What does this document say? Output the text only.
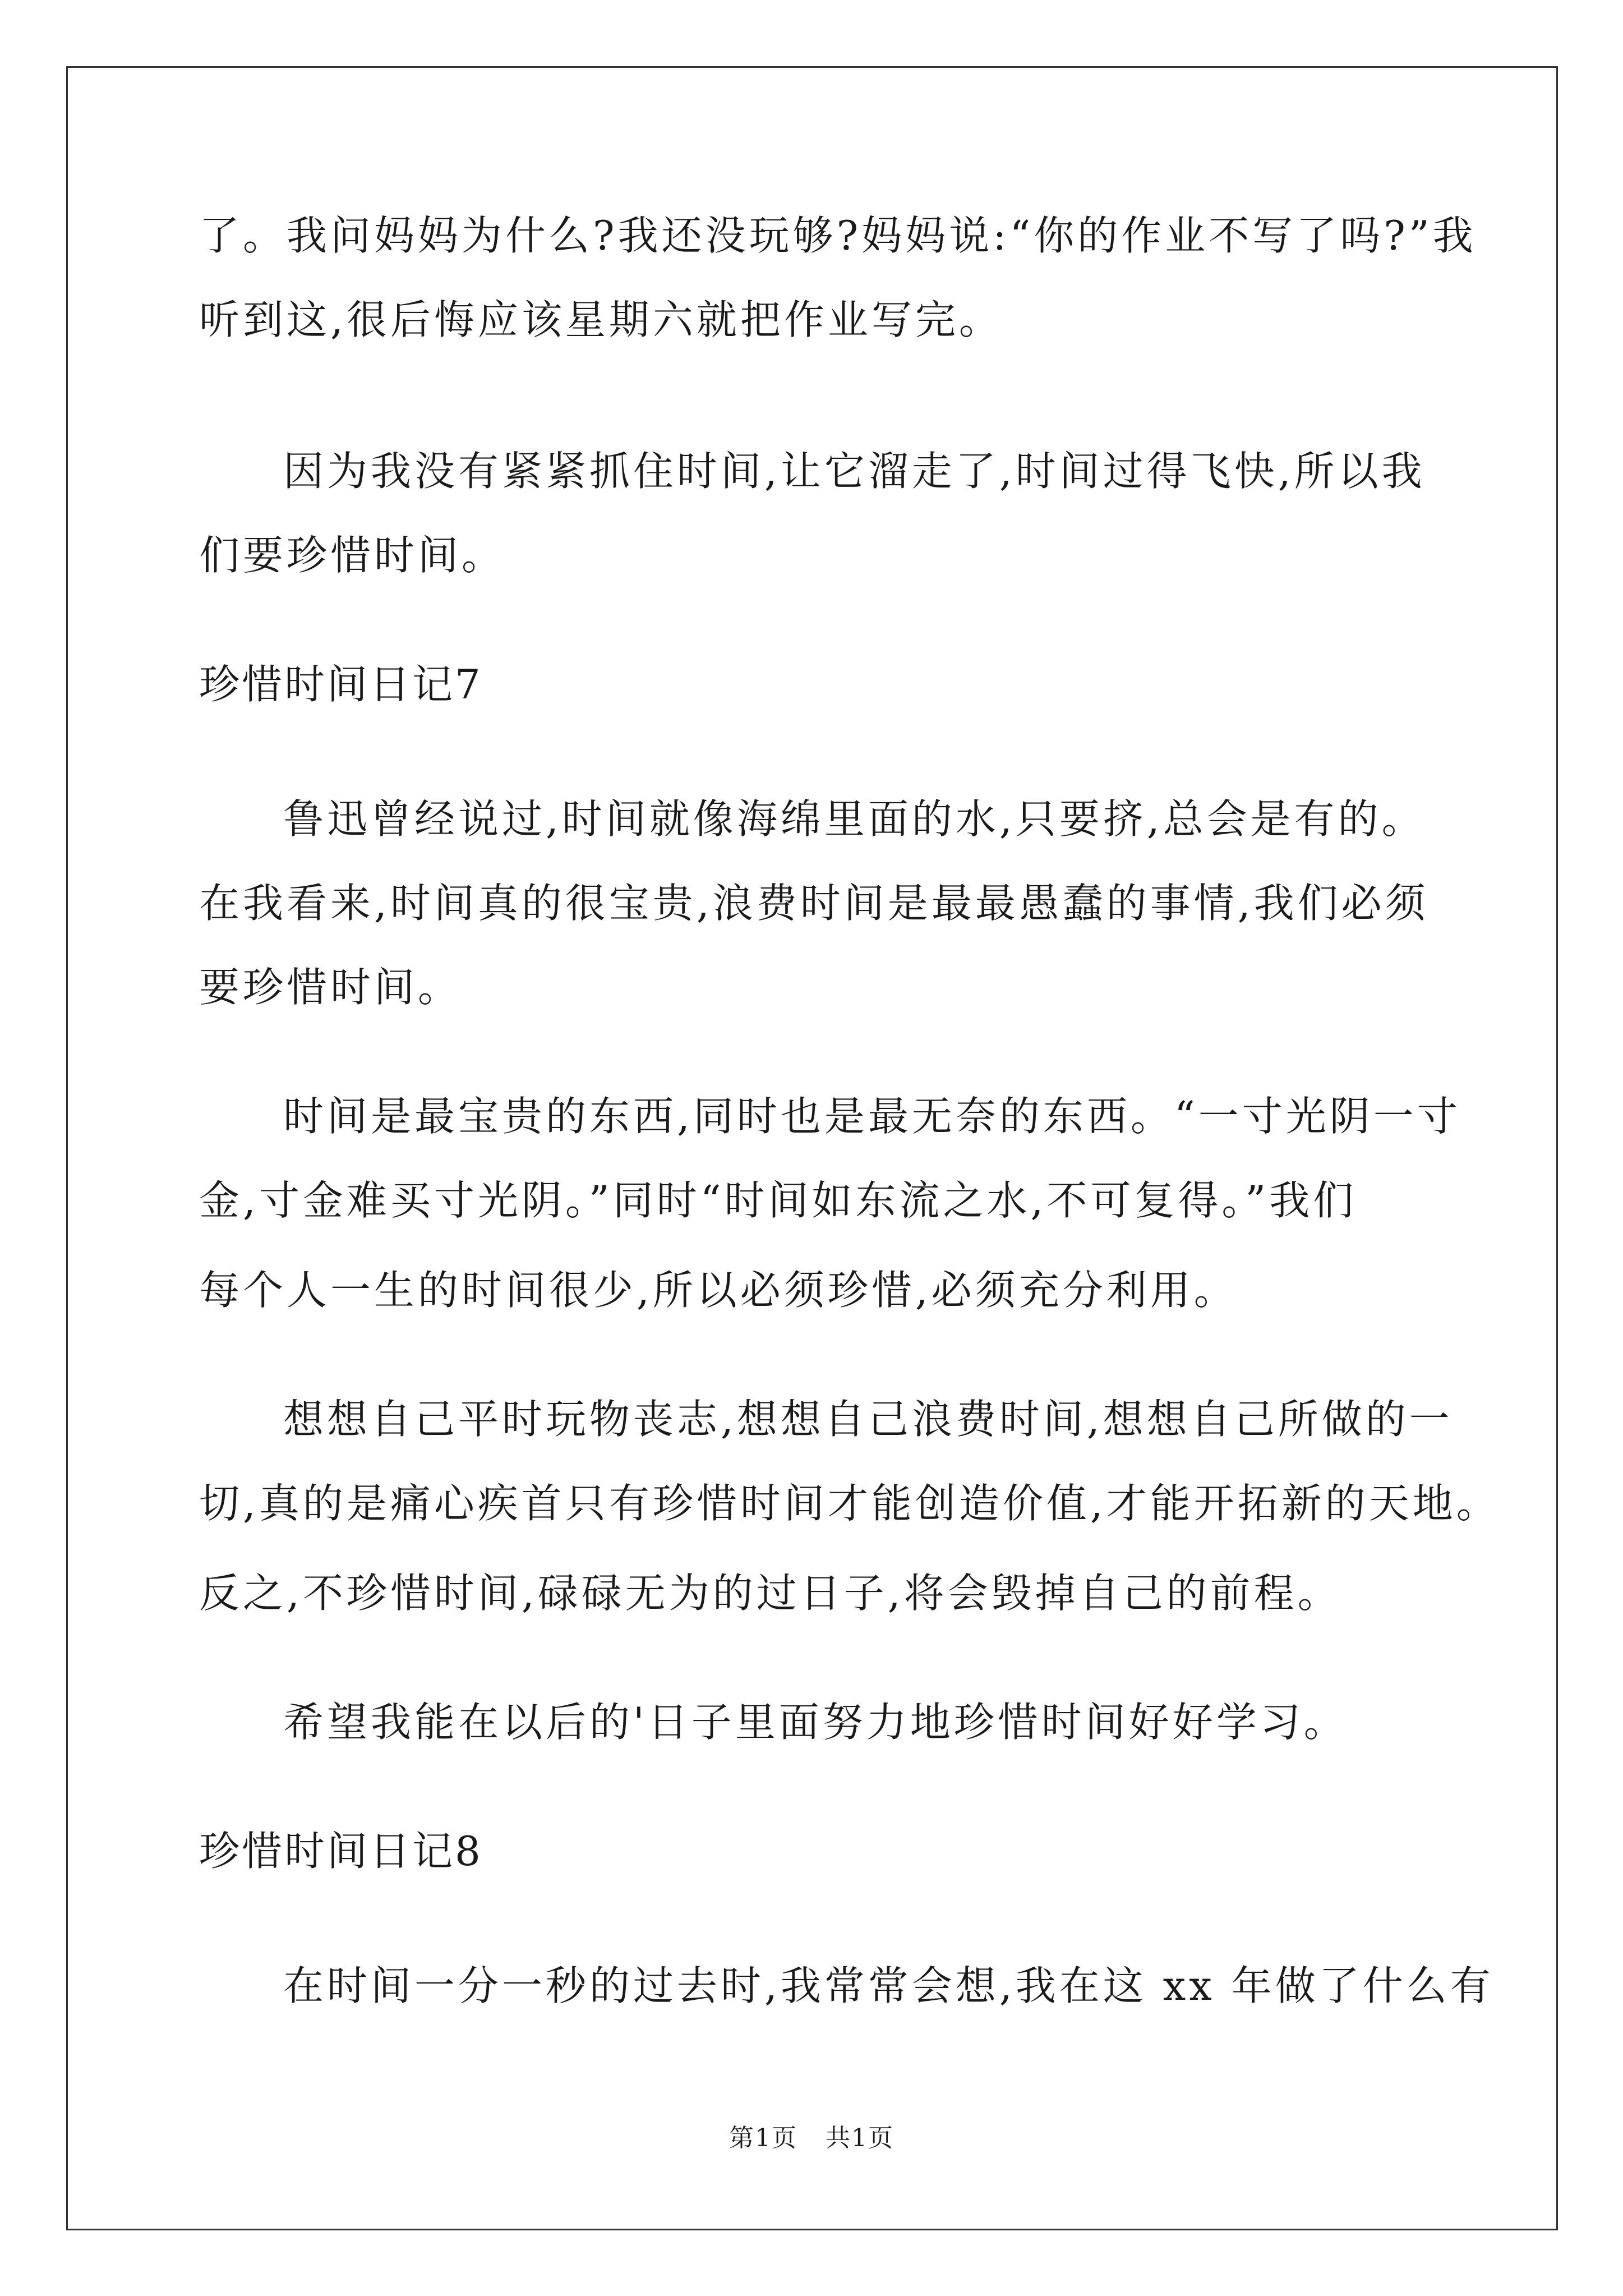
了。我问妈妈为什么?我还没玩够?妈妈说:“你的作业不写了吗?”我
听到这,很后悔应该星期六就把作业写完。
因为我没有紧紧抓住时间,让它溜走了,时间过得飞快,所以我
们要珍惜时间。
珍惜时间日记7
鲁迅曾经说过,时间就像海绵里面的水,只要挤,总会是有的。
在我看来,时间真的很宝贵,浪费时间是最最愚蠢的事情,我们必须
要珍惜时间。
时间是最宝贵的东西,同时也是最无奈的东西。“一寸光阴一寸
金,寸金难买寸光阴。”同时“时间如东流之水,不可复得。”我们
每个人一生的时间很少,所以必须珍惜,必须充分利用。
想想自己平时玩物丧志,想想自己浪费时间,想想自己所做的一
切,真的是痛心疾首只有珍惜时间才能创造价值,才能开拓新的天地。
反之,不珍惜时间,碌碌无为的过日子,将会毁掉自己的前程。
希望我能在以后的'日子里面努力地珍惜时间好好学习。
珍惜时间日记8
在时间一分一秒的过去时,我常常会想,我在这 xx 年做了什么有
第1页 共1页
